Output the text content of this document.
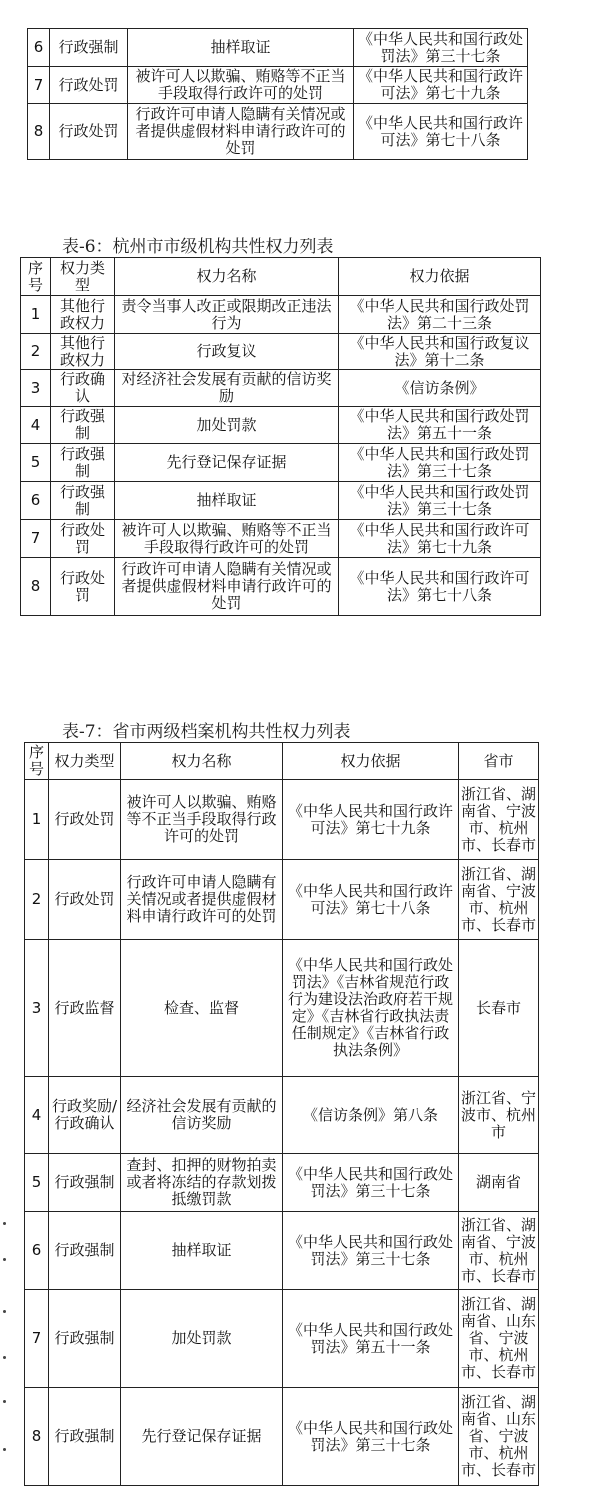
6	行政强制	抽样取证	《中华人民共和国行政处罚法》第三十七条
7	行政处罚	被许可人以欺骗、贿赂等不正当手段取得行政许可的处罚	《中华人民共和国行政许可法》第七十九条
8	行政处罚	行政许可申请人隐瞒有关情况或者提供虚假材料申请行政许可的处罚	《中华人民共和国行政许可法》第七十八条
表-6：杭州市市级机构共性权力列表
序号	权力类型	权力名称	权力依据
1	其他行政权力	责令当事人改正或限期改正违法行为	《中华人民共和国行政处罚法》第二十三条
2	其他行政权力	行政复议	《中华人民共和国行政复议法》第十二条
3	行政确认	对经济社会发展有贡献的信访奖励	《信访条例》
4	行政强制	加处罚款	《中华人民共和国行政处罚法》第五十一条
5	行政强制	先行登记保存证据	《中华人民共和国行政处罚法》第三十七条
6	行政强制	抽样取证	《中华人民共和国行政处罚法》第三十七条
7	行政处罚	被许可人以欺骗、贿赂等不正当手段取得行政许可的处罚	《中华人民共和国行政许可法》第七十九条
8	行政处罚	行政许可申请人隐瞒有关情况或者提供虚假材料申请行政许可的处罚	《中华人民共和国行政许可法》第七十八条
表-7：省市两级档案机构共性权力列表
序号	权力类型	权力名称	权力依据	省市
1	行政处罚	被许可人以欺骗、贿赂等不正当手段取得行政许可的处罚	《中华人民共和国行政许可法》第七十九条	浙江省、湖南省、宁波市、杭州市、长春市
2	行政处罚	行政许可申请人隐瞒有关情况或者提供虚假材料申请行政许可的处罚	《中华人民共和国行政许可法》第七十八条	浙江省、湖南省、宁波市、杭州市、长春市
3	行政监督	检查、监督	《中华人民共和国行政处罚法》《吉林省规范行政行为建设法治政府若干规定》《吉林省行政执法责任制规定》《吉林省行政执法条例》	长春市
4	行政奖励/行政确认	经济社会发展有贡献的信访奖励	《信访条例》第八条	浙江省、宁波市、杭州市
5	行政强制	查封、扣押的财物拍卖或者将冻结的存款划拨抵缴罚款	《中华人民共和国行政处罚法》第三十七条	湖南省
6	行政强制	抽样取证	《中华人民共和国行政处罚法》第三十七条	浙江省、湖南省、宁波市、杭州市、长春市
7	行政强制	加处罚款	《中华人民共和国行政处罚法》第五十一条	浙江省、湖南省、山东省、宁波市、杭州市、长春市
8	行政强制	先行登记保存证据	《中华人民共和国行政处罚法》第三十七条	浙江省、湖南省、山东省、宁波市、杭州市、长春市
